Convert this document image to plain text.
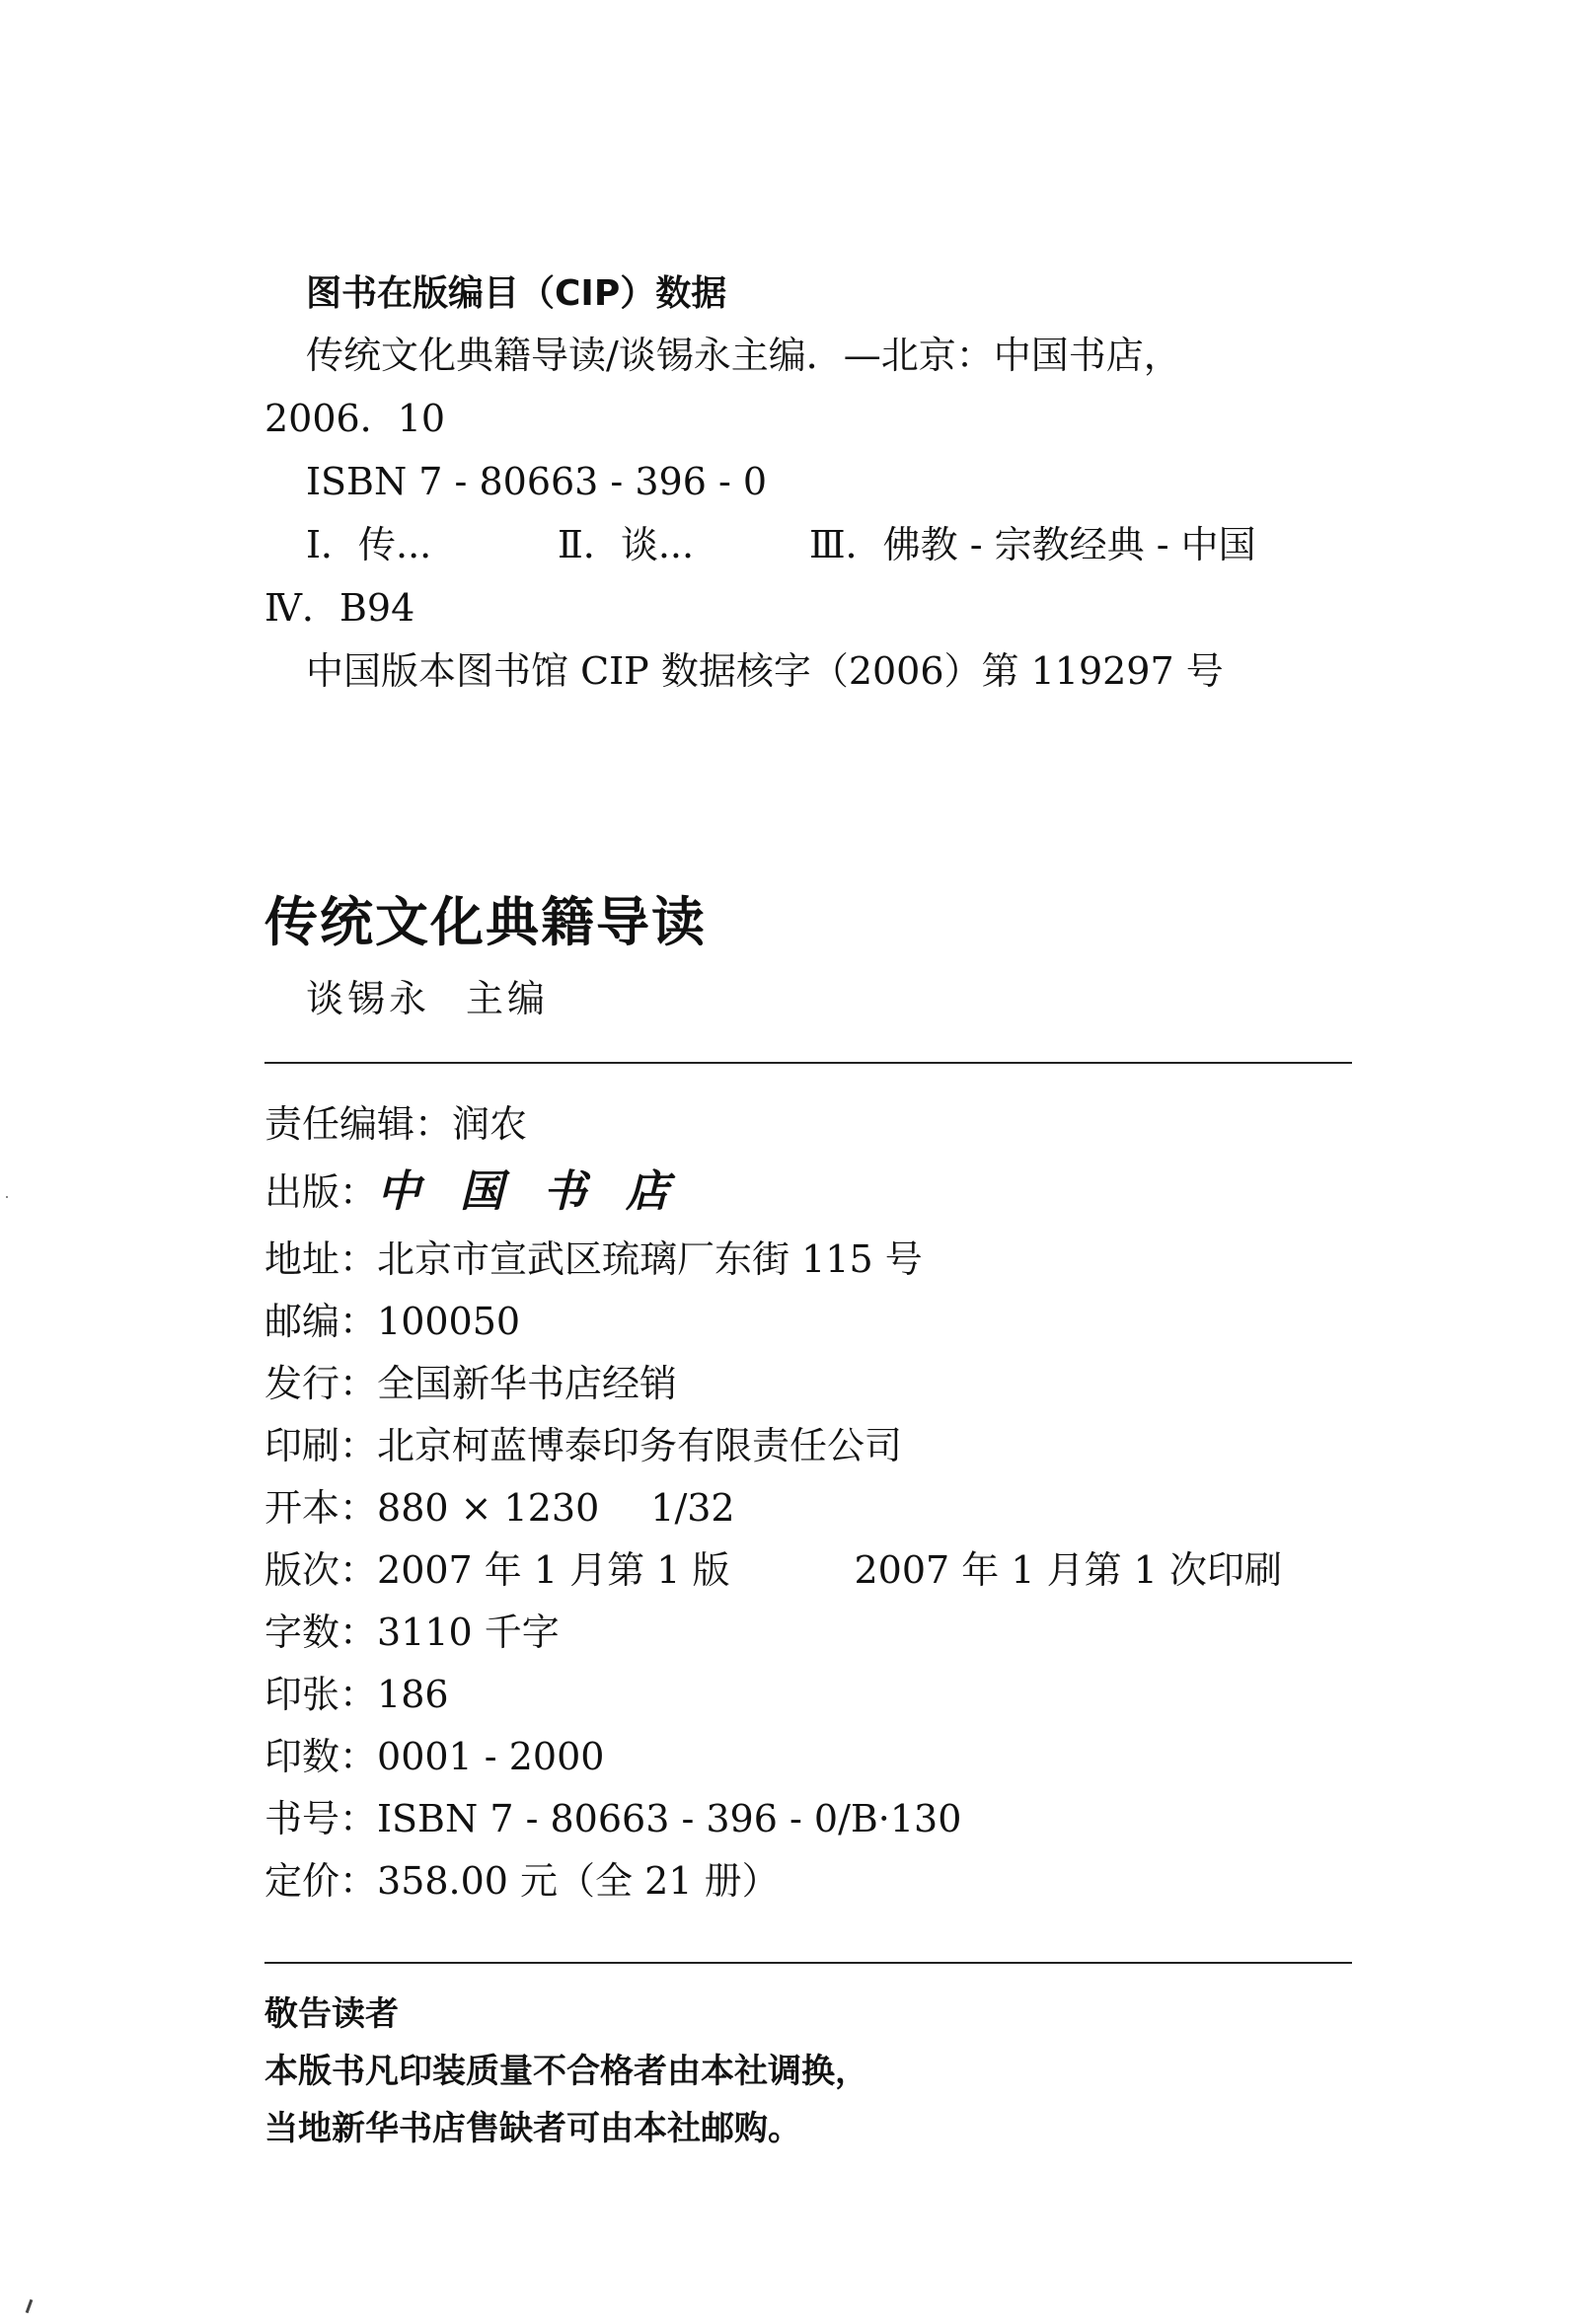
图书在版编目（CIP）数据
传统文化典籍导读/谈锡永主编．—北京：中国书店，
2006．10
ISBN 7 - 80663 - 396 - 0
Ⅰ．传...	Ⅱ．谈...	Ⅲ．佛教 - 宗教经典 - 中国
Ⅳ．B94
中国版本图书馆 CIP 数据核字（2006）第 119297 号
传统文化典籍导读
谈锡永 主编
责任编辑： 润农
出版： 中国书店
地址： 北京市宣武区琉璃厂东街 115 号
邮编： 100050
发行： 全国新华书店经销
印刷： 北京柯蓝博泰印务有限责任公司
开本： 880 × 1230 1/32
版次： 2007 年 1 月第 1 版	2007 年 1 月第 1 次印刷
字数： 3110 千字
印张： 186
印数： 0001 - 2000
书号： ISBN 7 - 80663 - 396 - 0/B·130
定价： 358.00 元（全 21 册）
敬告读者
本版书凡印装质量不合格者由本社调换，
当地新华书店售缺者可由本社邮购。
